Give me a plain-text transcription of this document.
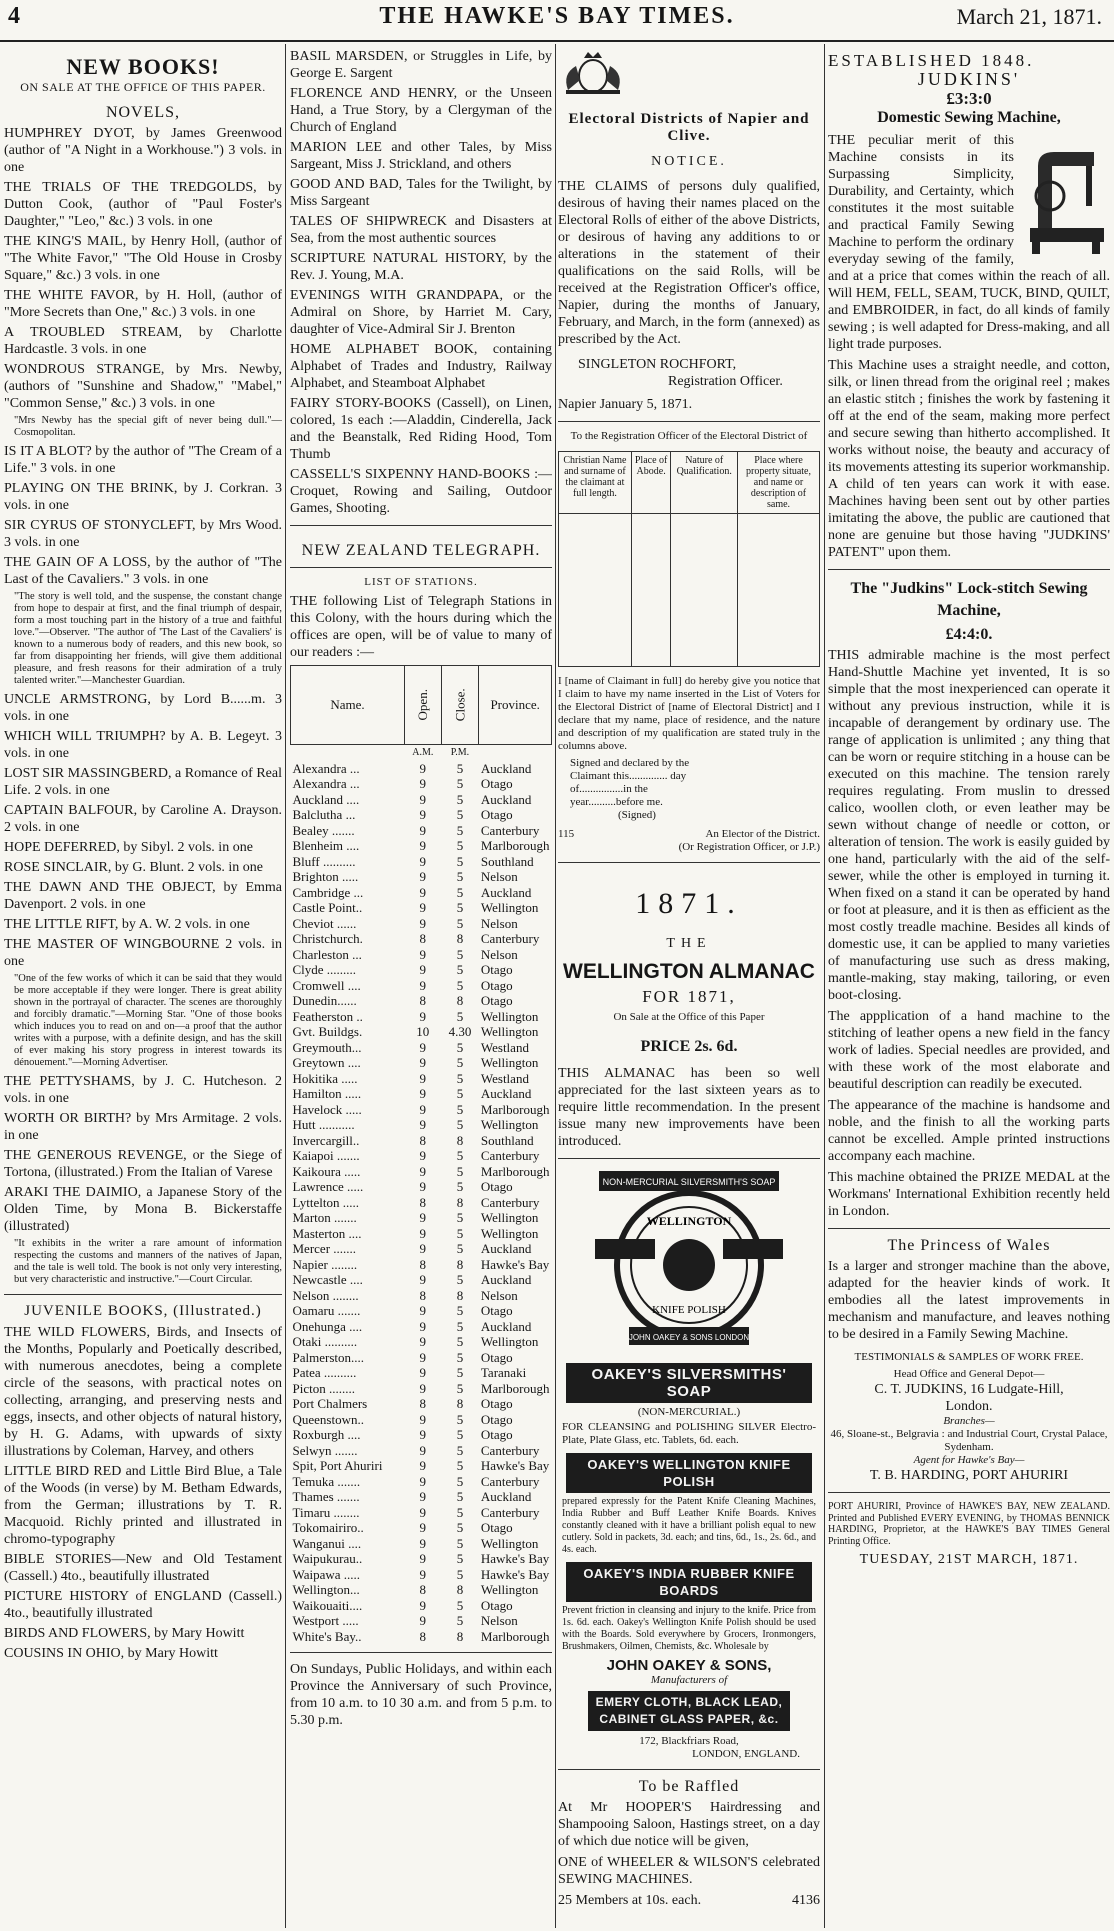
4	THE HAWKE'S BAY TIMES.	March 21, 1871.
NEW BOOKS!
ON SALE AT THE OFFICE OF THIS PAPER.
NOVELS,
HUMPHREY DYOT, by James Greenwood (author of "A Night in a Workhouse.") 3 vols. in one
THE TRIALS OF THE TREDGOLDS, by Dutton Cook, (author of "Paul Foster's Daughter," "Leo," &c.) 3 vols. in one
THE KING'S MAIL, by Henry Holl, (author of "The White Favor," "The Old House in Crosby Square," &c.) 3 vols. in one
THE WHITE FAVOR, by H. Holl, (author of "More Secrets than One," &c.) 3 vols. in one
A TROUBLED STREAM, by Charlotte Hardcastle. 3 vols. in one
WONDROUS STRANGE, by Mrs. Newby, (authors of "Sunshine and Shadow," "Mabel," "Common Sense," &c.) 3 vols. in one
"Mrs Newby has the special gift of never being dull."—Cosmopolitan.
IS IT A BLOT? by the author of "The Cream of a Life." 3 vols. in one
PLAYING ON THE BRINK, by J. Corkran. 3 vols. in one
SIR CYRUS OF STONYCLEFT, by Mrs Wood. 3 vols. in one
THE GAIN OF A LOSS, by the author of "The Last of the Cavaliers." 3 vols. in one
"The story is well told, and the suspense, the constant change from hope to despair at first, and the final triumph of despair, form a most touching part in the history of a true and faithful love."—Observer. "The author of 'The Last of the Cavaliers' is known to a numerous body of readers, and this new book, so far from disappointing her friends, will give them additional pleasure, and fresh reasons for their admiration of a truly talented writer."—Manchester Guardian.
UNCLE ARMSTRONG, by Lord B......m. 3 vols. in one
WHICH WILL TRIUMPH? by A. B. Legeyt. 3 vols. in one
LOST SIR MASSINGBERD, a Romance of Real Life. 2 vols. in one
CAPTAIN BALFOUR, by Caroline A. Drayson. 2 vols. in one
HOPE DEFERRED, by Sibyl. 2 vols. in one
ROSE SINCLAIR, by G. Blunt. 2 vols. in one
THE DAWN AND THE OBJECT, by Emma Davenport. 2 vols. in one
THE LITTLE RIFT, by A. W. 2 vols. in one
THE MASTER OF WINGBOURNE 2 vols. in one
"One of the few works of which it can be said that they would be more acceptable if they were longer. There is great ability shown in the portrayal of character. The scenes are thoroughly and forcibly dramatic."—Morning Star. "One of those books which induces you to read on and on—a proof that the author writes with a purpose, with a definite design, and has the skill of ever making his story progress in interest towards its dénouement."—Morning Advertiser.
THE PETTYSHAMS, by J. C. Hutcheson. 2 vols. in one
WORTH OR BIRTH? by Mrs Armitage. 2 vols. in one
THE GENEROUS REVENGE, or the Siege of Tortona, (illustrated.) From the Italian of Varese
ARAKI THE DAIMIO, a Japanese Story of the Olden Time, by Mona B. Bickerstaffe (illustrated)
"It exhibits in the writer a rare amount of information respecting the customs and manners of the natives of Japan, and the tale is well told. The book is not only very interesting, but very characteristic and instructive."—Court Circular.
JUVENILE BOOKS, (Illustrated.)
THE WILD FLOWERS, Birds, and Insects of the Months, Popularly and Poetically described, with numerous anecdotes, being a complete circle of the seasons, with practical notes on collecting, arranging, and preserving nests and eggs, insects, and other objects of natural history, by H. G. Adams, with upwards of sixty illustrations by Coleman, Harvey, and others
LITTLE BIRD RED and Little Bird Blue, a Tale of the Woods (in verse) by M. Betham Edwards, from the German; illustrations by T. R. Macquoid. Richly printed and illustrated in chromo-typography
BIBLE STORIES—New and Old Testament (Cassell.) 4to., beautifully illustrated
PICTURE HISTORY of ENGLAND (Cassell.) 4to., beautifully illustrated
BIRDS AND FLOWERS, by Mary Howitt
COUSINS IN OHIO, by Mary Howitt
BASIL MARSDEN, or Struggles in Life, by George E. Sargent
FLORENCE AND HENRY, or the Unseen Hand, a True Story, by a Clergyman of the Church of England
MARION LEE and other Tales, by Miss Sargeant, Miss J. Strickland, and others
GOOD AND BAD, Tales for the Twilight, by Miss Sargeant
TALES OF SHIPWRECK and Disasters at Sea, from the most authentic sources
SCRIPTURE NATURAL HISTORY, by the Rev. J. Young, M.A.
EVENINGS WITH GRANDPAPA, or the Admiral on Shore, by Harriet M. Cary, daughter of Vice-Admiral Sir J. Brenton
HOME ALPHABET BOOK, containing Alphabet of Trades and Industry, Railway Alphabet, and Steamboat Alphabet
FAIRY STORY-BOOKS (Cassell), on Linen, colored, 1s each :—Aladdin, Cinderella, Jack and the Beanstalk, Red Riding Hood, Tom Thumb
CASSELL'S SIXPENNY HAND-BOOKS :—Croquet, Rowing and Sailing, Outdoor Games, Shooting.
NEW ZEALAND TELEGRAPH.
LIST OF STATIONS.
THE following List of Telegraph Stations in this Colony, with the hours during which the offices are open, will be of value to many of our readers :—
Name.	Open.	Close.	Province.
	A.M.	P.M.	
Alexandra ...	9	5	Auckland
Alexandra ...	9	5	Otago
Auckland ....	9	5	Auckland
Balclutha ...	9	5	Otago
Bealey .......	9	5	Canterbury
Blenheim ....	9	5	Marlborough
Bluff ..........	9	5	Southland
Brighton .....	9	5	Nelson
Cambridge ...	9	5	Auckland
Castle Point..	9	5	Wellington
Cheviot ......	9	5	Nelson
Christchurch.	8	8	Canterbury
Charleston ...	9	5	Nelson
Clyde .........	9	5	Otago
Cromwell ....	9	5	Otago
Dunedin......	8	8	Otago
Featherston ..	9	5	Wellington
Gvt. Buildgs.	10	4.30	Wellington
Greymouth...	9	5	Westland
Greytown ....	9	5	Wellington
Hokitika .....	9	5	Westland
Hamilton .....	9	5	Auckland
Havelock .....	9	5	Marlborough
Hutt ...........	9	5	Wellington
Invercargill..	8	8	Southland
Kaiapoi .......	9	5	Canterbury
Kaikoura .....	9	5	Marlborough
Lawrence .....	9	5	Otago
Lyttelton .....	8	8	Canterbury
Marton .......	9	5	Wellington
Masterton ....	9	5	Wellington
Mercer .......	9	5	Auckland
Napier ........	8	8	Hawke's Bay
Newcastle ....	9	5	Auckland
Nelson ........	8	8	Nelson
Oamaru .......	9	5	Otago
Onehunga ....	9	5	Auckland
Otaki ..........	9	5	Wellington
Palmerston....	9	5	Otago
Patea ..........	9	5	Taranaki
Picton ........	9	5	Marlborough
Port Chalmers	8	8	Otago
Queenstown..	9	5	Otago
Roxburgh ....	9	5	Otago
Selwyn .......	9	5	Canterbury
Spit, Port Ahuriri	9	5	Hawke's Bay
Temuka .......	9	5	Canterbury
Thames .......	9	5	Auckland
Timaru ........	9	5	Canterbury
Tokomairiro..	9	5	Otago
Wanganui ....	9	5	Wellington
Waipukurau..	9	5	Hawke's Bay
Waipawa .....	9	5	Hawke's Bay
Wellington...	8	8	Wellington
Waikouaiti....	9	5	Otago
Westport .....	9	5	Nelson
White's Bay..	8	8	Marlborough
On Sundays, Public Holidays, and within each Province the Anniversary of such Province, from 10 a.m. to 10 30 a.m. and from 5 p.m. to 5.30 p.m.
Electoral Districts of Napier and Clive.
NOTICE.
THE CLAIMS of persons duly qualified, desirous of having their names placed on the Electoral Rolls of either of the above Districts, or desirous of having any additions to or alterations in the statement of their qualifications on the said Rolls, will be received at the Registration Officer's office, Napier, during the months of January, February, and March, in the form (annexed) as prescribed by the Act.
SINGLETON ROCHFORT,
Registration Officer.
Napier January 5, 1871.
To the Registration Officer of the Electoral District of
Christian Name and surname of the claimant at full length.	Place of Abode.	Nature of Qualification.	Place where property situate, and name or description of same.

I [name of Claimant in full] do hereby give you notice that I claim to have my name inserted in the List of Voters for the Electoral District of [name of Electoral District] and I declare that my name, place of residence, and the nature and description of my qualification are stated truly in the columns above.
Signed and declared by the Claimant this.............. day of................in the year..........before me.
(Signed)
115	An Elector of the District.
(Or Registration Officer, or J.P.)
1871.
THE
WELLINGTON ALMANAC
FOR 1871,
On Sale at the Office of this Paper
PRICE 2s. 6d.
THIS ALMANAC has been so well appreciated for the last sixteen years as to require little recommendation. In the present issue many new improvements have been introduced.
NON-MERCURIAL SILVERSMITH'S SOAP
WELLINGTON
KNIFE POLISH
JOHN OAKEY & SONS LONDON
OAKEY'S SILVERSMITHS' SOAP
(NON-MERCURIAL.)
FOR CLEANSING and POLISHING SILVER Electro-Plate, Plate Glass, etc. Tablets, 6d. each.
OAKEY'S WELLINGTON KNIFE POLISH
prepared expressly for the Patent Knife Cleaning Machines, India Rubber and Buff Leather Knife Boards. Knives constantly cleaned with it have a brilliant polish equal to new cutlery. Sold in packets, 3d. each; and tins, 6d., 1s., 2s. 6d., and 4s. each.
OAKEY'S INDIA RUBBER KNIFE BOARDS
Prevent friction in cleansing and injury to the knife. Price from 1s. 6d. each. Oakey's Wellington Knife Polish should be used with the Boards. Sold everywhere by Grocers, Ironmongers, Brushmakers, Oilmen, Chemists, &c. Wholesale by
JOHN OAKEY & SONS,
Manufacturers of
EMERY CLOTH, BLACK LEAD, CABINET GLASS PAPER, &c.
172, Blackfriars Road,
LONDON, ENGLAND.
To be Raffled
At Mr HOOPER'S Hairdressing and Shampooing Saloon, Hastings street, on a day of which due notice will be given,
ONE of WHEELER & WILSON'S celebrated SEWING MACHINES.
25 Members at 10s. each.	4136
ESTABLISHED 1848.
JUDKINS'
£3:3:0
Domestic Sewing Machine,
THE peculiar merit of this Machine consists in its Surpassing Simplicity, Durability, and Certainty, which constitutes it the most suitable and practical Family Sewing Machine to perform the ordinary everyday sewing of the family, and at a price that comes within the reach of all. Will HEM, FELL, SEAM, TUCK, BIND, QUILT, and EMBROIDER, in fact, do all kinds of family sewing ; is well adapted for Dress-making, and all light trade purposes.
This Machine uses a straight needle, and cotton, silk, or linen thread from the original reel ; makes an elastic stitch ; finishes the work by fastening it off at the end of the seam, making more perfect and secure sewing than hitherto accomplished. It works without noise, the beauty and accuracy of its movements attesting its superior workmanship. A child of ten years can work it with ease. Machines having been sent out by other parties imitating the above, the public are cautioned that none are genuine but those having "JUDKINS' PATENT" upon them.
The "Judkins" Lock-stitch Sewing Machine,
£4:4:0.
THIS admirable machine is the most perfect Hand-Shuttle Machine yet invented, It is so simple that the most inexperienced can operate it without any previous instruction, while it is incapable of derangement by ordinary use. The range of application is unlimited ; any thing that can be worn or require stitching in a house can be executed on this machine. The tension rarely requires regulating. From muslin to dressed calico, woollen cloth, or even leather may be sewn without change of needle or cotton, or alteration of tension. The work is easily guided by one hand, particularly with the aid of the self-sewer, while the other is employed in turning it. When fixed on a stand it can be operated by hand or foot at pleasure, and it is then as efficient as the most costly treadle machine. Besides all kinds of domestic use, it can be applied to many varieties of manufacturing use such as dress making, mantle-making, stay making, tailoring, or even boot-closing.
The appplication of a hand machine to the stitching of leather opens a new field in the fancy work of ladies. Special needles are provided, and with these work of the most elaborate and beautiful description can readily be executed.
The appearance of the machine is handsome and noble, and the finish to all the working parts cannot be excelled. Ample printed instructions accompany each machine.
This machine obtained the PRIZE MEDAL at the Workmans' International Exhibition recently held in London.
The Princess of Wales
Is a larger and stronger machine than the above, adapted for the heavier kinds of work. It embodies all the latest improvements in mechanism and manufacture, and leaves nothing to be desired in a Family Sewing Machine.
TESTIMONIALS & SAMPLES OF WORK FREE.
Head Office and General Depot—
C. T. JUDKINS, 16 Ludgate-Hill,
London.
Branches—
46, Sloane-st., Belgravia : and Industrial Court, Crystal Palace, Sydenham.
Agent for Hawke's Bay—
T. B. HARDING, PORT AHURIRI
PORT AHURIRI, Province of HAWKE'S BAY, NEW ZEALAND. Printed and Published EVERY EVENING, by THOMAS BENNICK HARDING, Proprietor, at the HAWKE'S BAY TIMES General Printing Office.
TUESDAY, 21ST MARCH, 1871.
